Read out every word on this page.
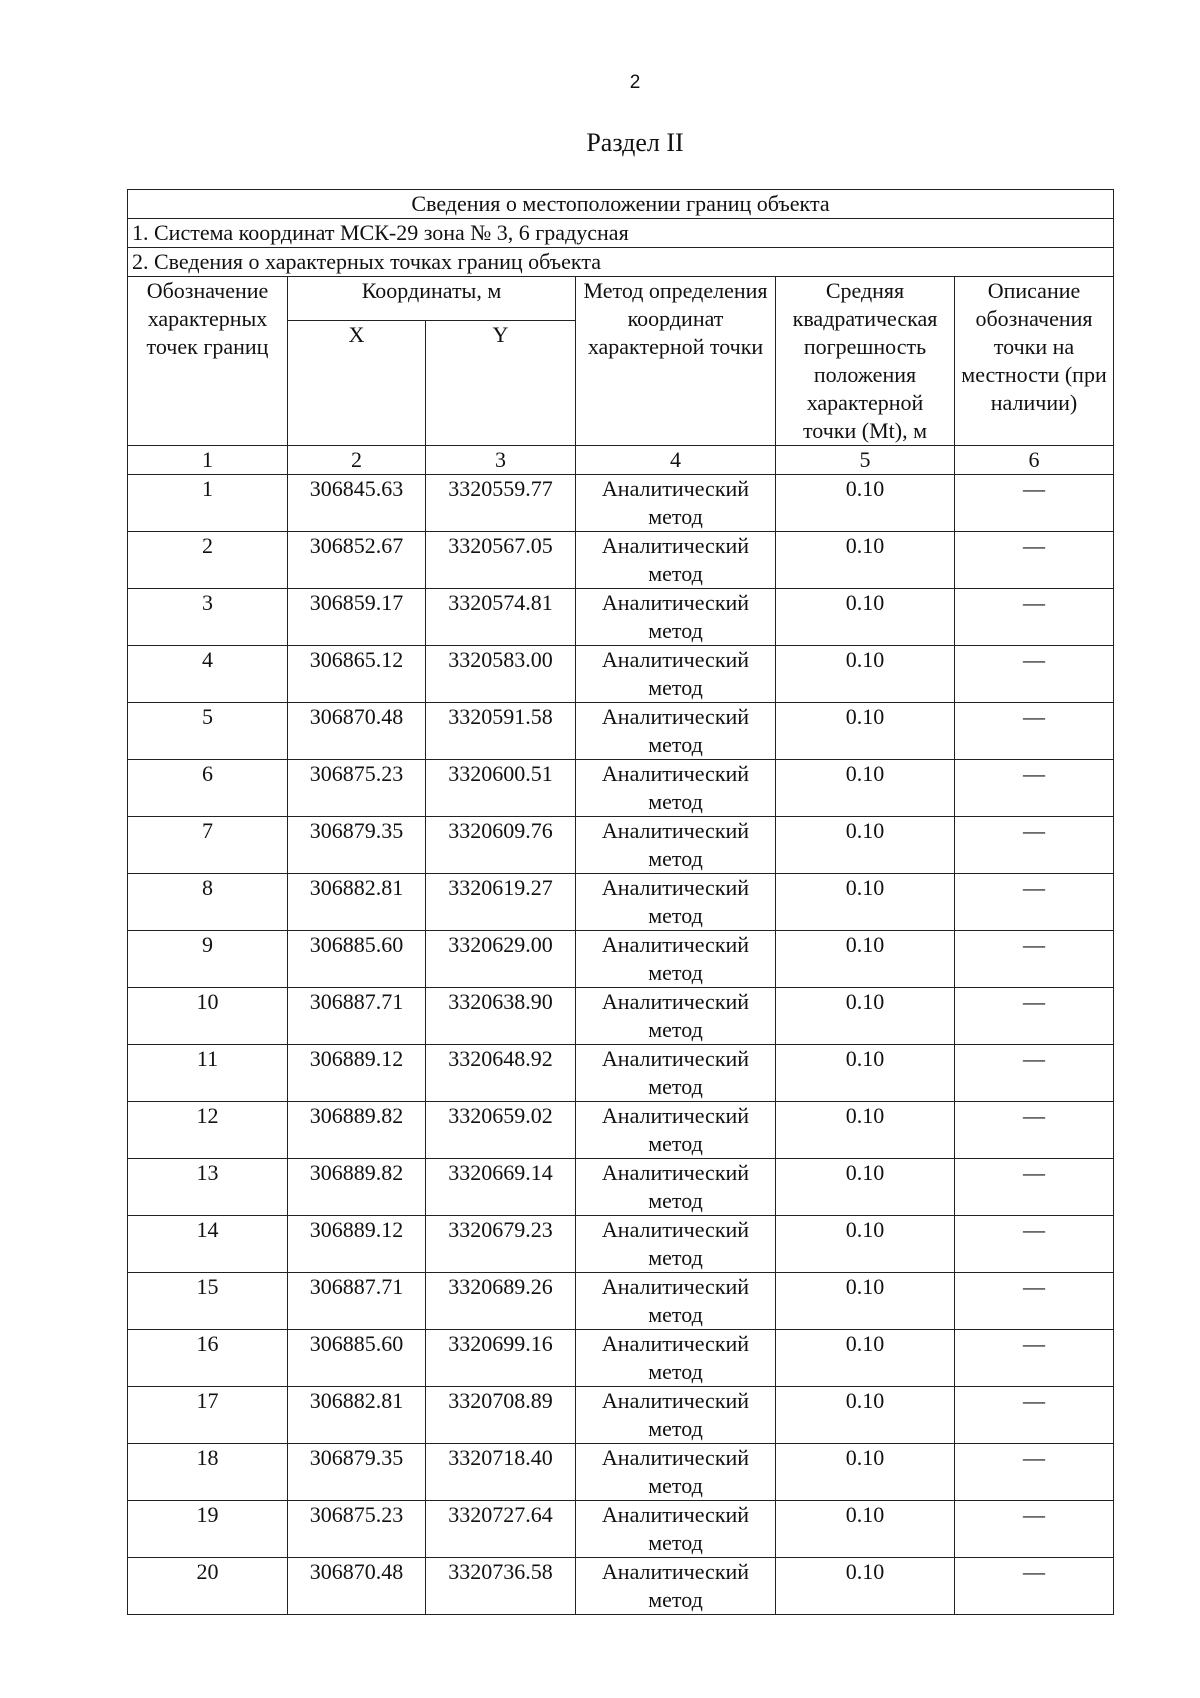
2
Раздел II
Сведения о местоположении границ объекта					
1. Система координат МСК-29 зона № 3, 6 градусная					
2. Сведения о характерных точках границ объекта					
Обозначение характерных точек границ	Координаты, м		Метод определения координат характерной точки	Средняя квадратическая погрешность положения характерной точки (Mt), м	Описание обозначения точки на местности (при наличии)
	X	Y			
1	2	3	4	5	6
1	306845.63	3320559.77	Аналитический метод	0.10	—
2	306852.67	3320567.05	Аналитический метод	0.10	—
3	306859.17	3320574.81	Аналитический метод	0.10	—
4	306865.12	3320583.00	Аналитический метод	0.10	—
5	306870.48	3320591.58	Аналитический метод	0.10	—
6	306875.23	3320600.51	Аналитический метод	0.10	—
7	306879.35	3320609.76	Аналитический метод	0.10	—
8	306882.81	3320619.27	Аналитический метод	0.10	—
9	306885.60	3320629.00	Аналитический метод	0.10	—
10	306887.71	3320638.90	Аналитический метод	0.10	—
11	306889.12	3320648.92	Аналитический метод	0.10	—
12	306889.82	3320659.02	Аналитический метод	0.10	—
13	306889.82	3320669.14	Аналитический метод	0.10	—
14	306889.12	3320679.23	Аналитический метод	0.10	—
15	306887.71	3320689.26	Аналитический метод	0.10	—
16	306885.60	3320699.16	Аналитический метод	0.10	—
17	306882.81	3320708.89	Аналитический метод	0.10	—
18	306879.35	3320718.40	Аналитический метод	0.10	—
19	306875.23	3320727.64	Аналитический метод	0.10	—
20	306870.48	3320736.58	Аналитический метод	0.10	—
